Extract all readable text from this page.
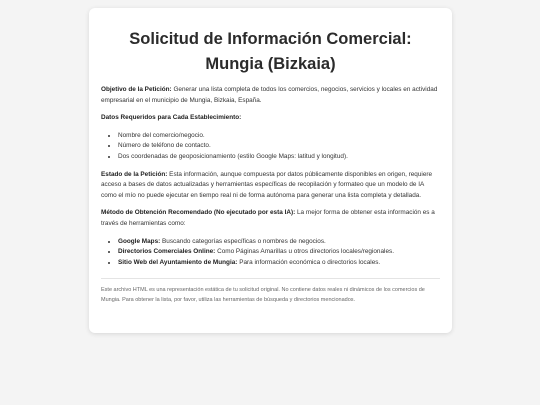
Solicitud de Información Comercial: Mungia (Bizkaia)

Objetivo de la Petición: Generar una lista completa de todos los comercios, negocios, servicios y locales en actividad empresarial en el municipio de Mungia, Bizkaia, España.

Datos Requeridos para Cada Establecimiento:

• Nombre del comercio/negocio.
• Número de teléfono de contacto.
• Dos coordenadas de geoposicionamiento (estilo Google Maps: latitud y longitud).

Estado de la Petición: Esta información, aunque compuesta por datos públicamente disponibles en origen, requiere acceso a bases de datos actualizadas y herramientas específicas de recopilación y formateo que un modelo de IA como el mío no puede ejecutar en tiempo real ni de forma autónoma para generar una lista completa y detallada.

Método de Obtención Recomendado (No ejecutado por esta IA): La mejor forma de obtener esta información es a través de herramientas como:

• Google Maps: Buscando categorías específicas o nombres de negocios.
• Directorios Comerciales Online: Como Páginas Amarillas u otros directorios locales/regionales.
• Sitio Web del Ayuntamiento de Mungia: Para información económica o directorios locales.

Este archivo HTML es una representación estática de tu solicitud original. No contiene datos reales ni dinámicos de los comercios de Mungia. Para obtener la lista, por favor, utiliza las herramientas de búsqueda y directorios mencionados.
